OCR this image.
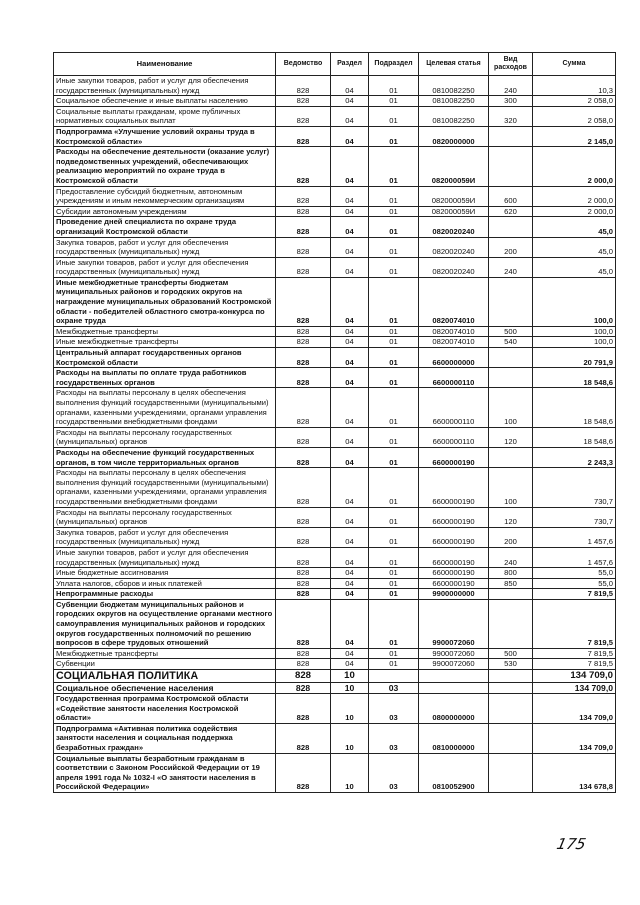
Наименование	Ведомство	Раздел	Подраздел	Целевая статья	Вид расходов	Сумма
Иные закупки товаров, работ и услуг для обеспечения государственных (муниципальных) нужд	828	04	01	0810082250	240	10,3
Социальное обеспечение и иные выплаты населению	828	04	01	0810082250	300	2 058,0
Социальные выплаты гражданам, кроме публичных нормативных социальных выплат	828	04	01	0810082250	320	2 058,0
Подпрограмма «Улучшение условий охраны труда в Костромской области»	828	04	01	0820000000		2 145,0
Расходы на обеспечение деятельности (оказание услуг) подведомственных учреждений, обеспечивающих реализацию мероприятий по охране труда в Костромской области	828	04	01	082000059И		2 000,0
Предоставление субсидий бюджетным, автономным учреждениям и иным некоммерческим организациям	828	04	01	082000059И	600	2 000,0
Субсидии автономным учреждениям	828	04	01	082000059И	620	2 000,0
Проведение дней специалиста по охране труда организаций Костромской области	828	04	01	0820020240		45,0
Закупка товаров, работ и услуг для обеспечения государственных (муниципальных) нужд	828	04	01	0820020240	200	45,0
Иные закупки товаров, работ и услуг для обеспечения государственных (муниципальных) нужд	828	04	01	0820020240	240	45,0
Иные межбюджетные трансферты бюджетам муниципальных районов и городских округов на награждение муниципальных образований Костромской области - победителей областного смотра-конкурса по охране труда	828	04	01	0820074010		100,0
Межбюджетные трансферты	828	04	01	0820074010	500	100,0
Иные межбюджетные трансферты	828	04	01	0820074010	540	100,0
Центральный аппарат государственных органов Костромской области	828	04	01	6600000000		20 791,9
Расходы на выплаты по оплате труда работников государственных органов	828	04	01	6600000110		18 548,6
Расходы на выплаты персоналу в целях обеспечения выполнения функций государственными (муниципальными) органами, казенными учреждениями, органами управления государственными внебюджетными фондами	828	04	01	6600000110	100	18 548,6
Расходы на выплаты персоналу государственных (муниципальных) органов	828	04	01	6600000110	120	18 548,6
Расходы на обеспечение функций государственных органов, в том числе территориальных органов	828	04	01	6600000190		2 243,3
Расходы на выплаты персоналу в целях обеспечения выполнения функций государственными (муниципальными) органами, казенными учреждениями, органами управления государственными внебюджетными фондами	828	04	01	6600000190	100	730,7
Расходы на выплаты персоналу государственных (муниципальных) органов	828	04	01	6600000190	120	730,7
Закупка товаров, работ и услуг для обеспечения государственных (муниципальных) нужд	828	04	01	6600000190	200	1 457,6
Иные закупки товаров, работ и услуг для обеспечения государственных (муниципальных) нужд	828	04	01	6600000190	240	1 457,6
Иные бюджетные ассигнования	828	04	01	6600000190	800	55,0
Уплата налогов, сборов и иных платежей	828	04	01	6600000190	850	55,0
Непрограммные расходы	828	04	01	9900000000		7 819,5
Субвенции бюджетам муниципальных районов и городских округов на осуществление органами местного самоуправления муниципальных районов и городских округов государственных полномочий по решению вопросов в сфере трудовых отношений	828	04	01	9900072060		7 819,5
Межбюджетные трансферты	828	04	01	9900072060	500	7 819,5
Субвенции	828	04	01	9900072060	530	7 819,5
СОЦИАЛЬНАЯ ПОЛИТИКА	828	10				134 709,0
Социальное обеспечение населения	828	10	03			134 709,0
Государственная программа Костромской области «Содействие занятости населения Костромской области»	828	10	03	0800000000		134 709,0
Подпрограмма «Активная политика содействия занятости населения и социальная поддержка безработных граждан»	828	10	03	0810000000		134 709,0
Социальные выплаты безработным гражданам в соответствии с Законом Российской Федерации от 19 апреля 1991 года № 1032-I «О занятости населения в Российской Федерации»	828	10	03	0810052900		134 678,8
175
